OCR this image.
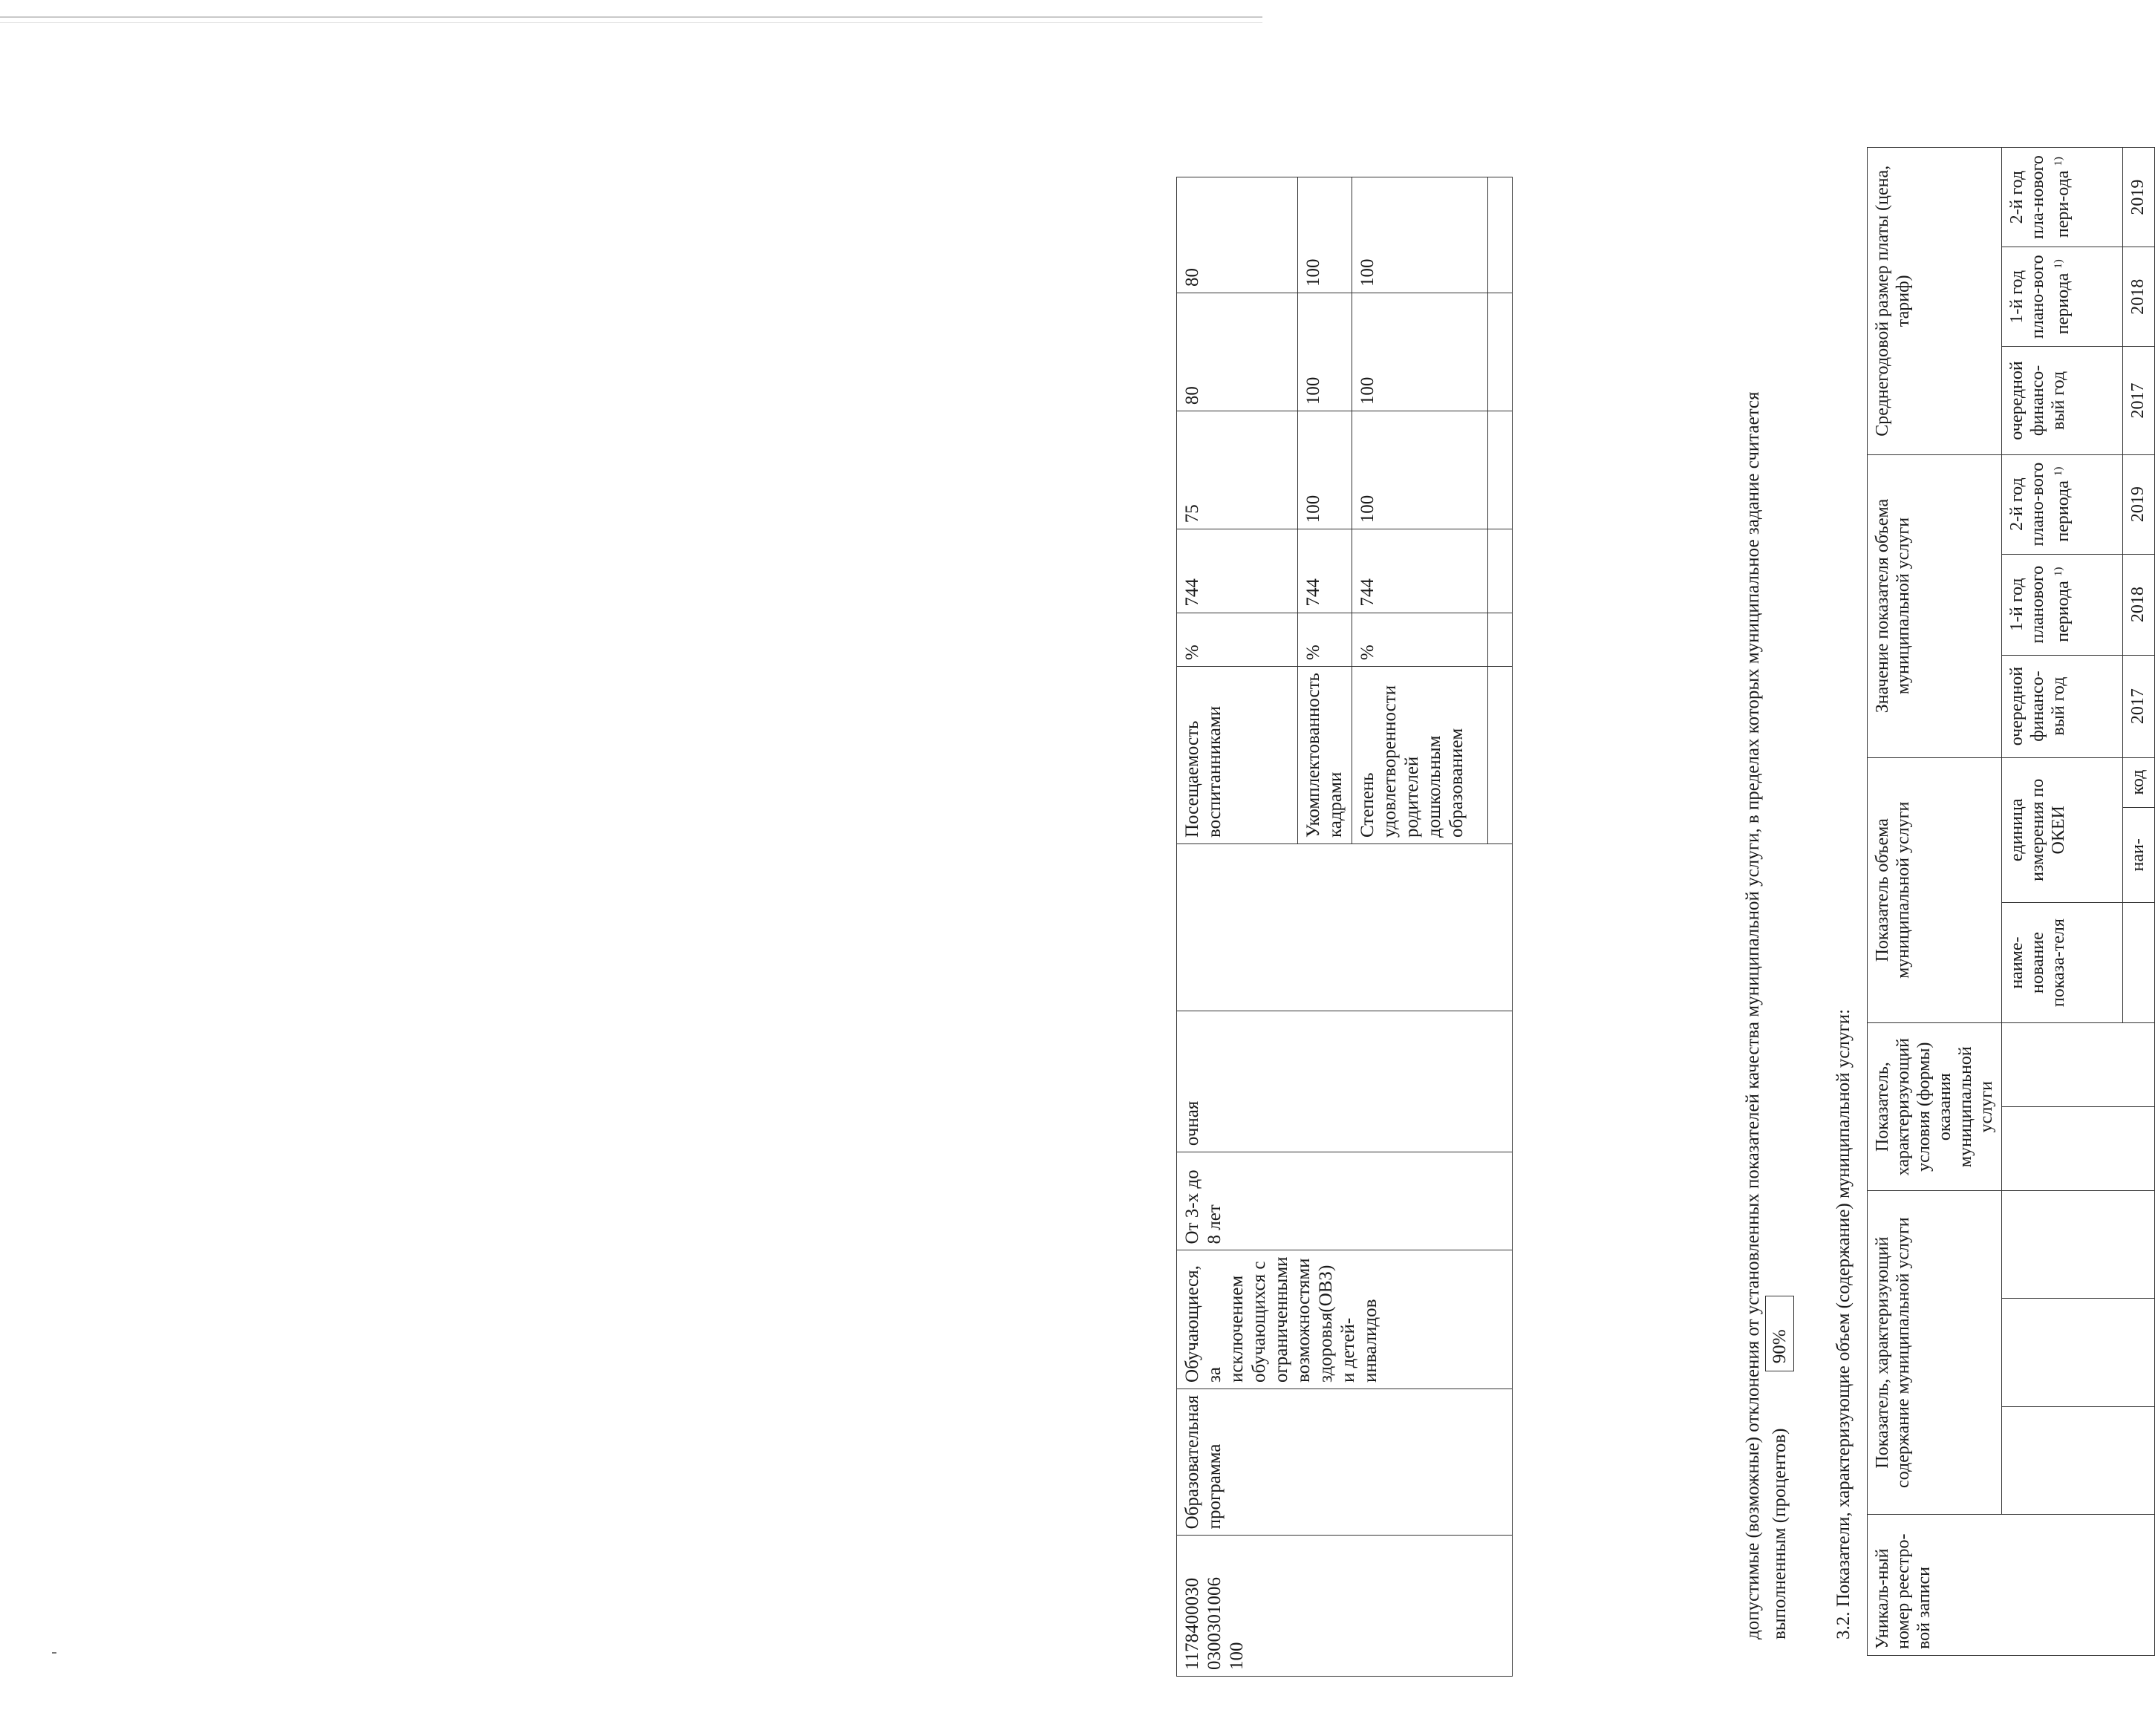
1178400030 0300301006 100	Образовательная программа	Обучающиеся, за исключением обучающихся с ограниченными возможностями здоровья(ОВЗ) и детей-инвалидов	От 3-х до 8 лет	очная		Посещаемость воспитанниками	%	744	75	80	80
						Укомплектованность кадрами	%	744	100	100	100
						Степень удовлетворенности родителей дошкольным образованием	%	744	100	100	100

допустимые (возможные) отклонения от установленных показателей качества муниципальной услуги, в пределах которых муниципальное задание считается выполненным (процентов) 90% 3.2. Показатели, характеризующие объем (содержание) муниципальной услуги: Уникаль-ный номер реестро-вой записи	Показатель, характеризующий содержание муниципальной услуги			Показатель, характеризующий условия (формы) оказания муниципальной услуги		Показатель объема муниципальной услуги			Значение показателя объема муниципальной услуги			Среднегодовой размер платы (цена, тариф)		
						наиме-нование показа-теля	единица измерения по ОКЕИ		очередной финансо-вый год	1-й год планового периода $^{1)}$	2-й год плано-вого периода $^{1)}$	очередной финансо-вый год	1-й год плано-вого периода $^{1)}$	2-й год пла-нового пери-ода $^{1)}$
							наи-	код	2017	2018	2019	2017	2018	2019
